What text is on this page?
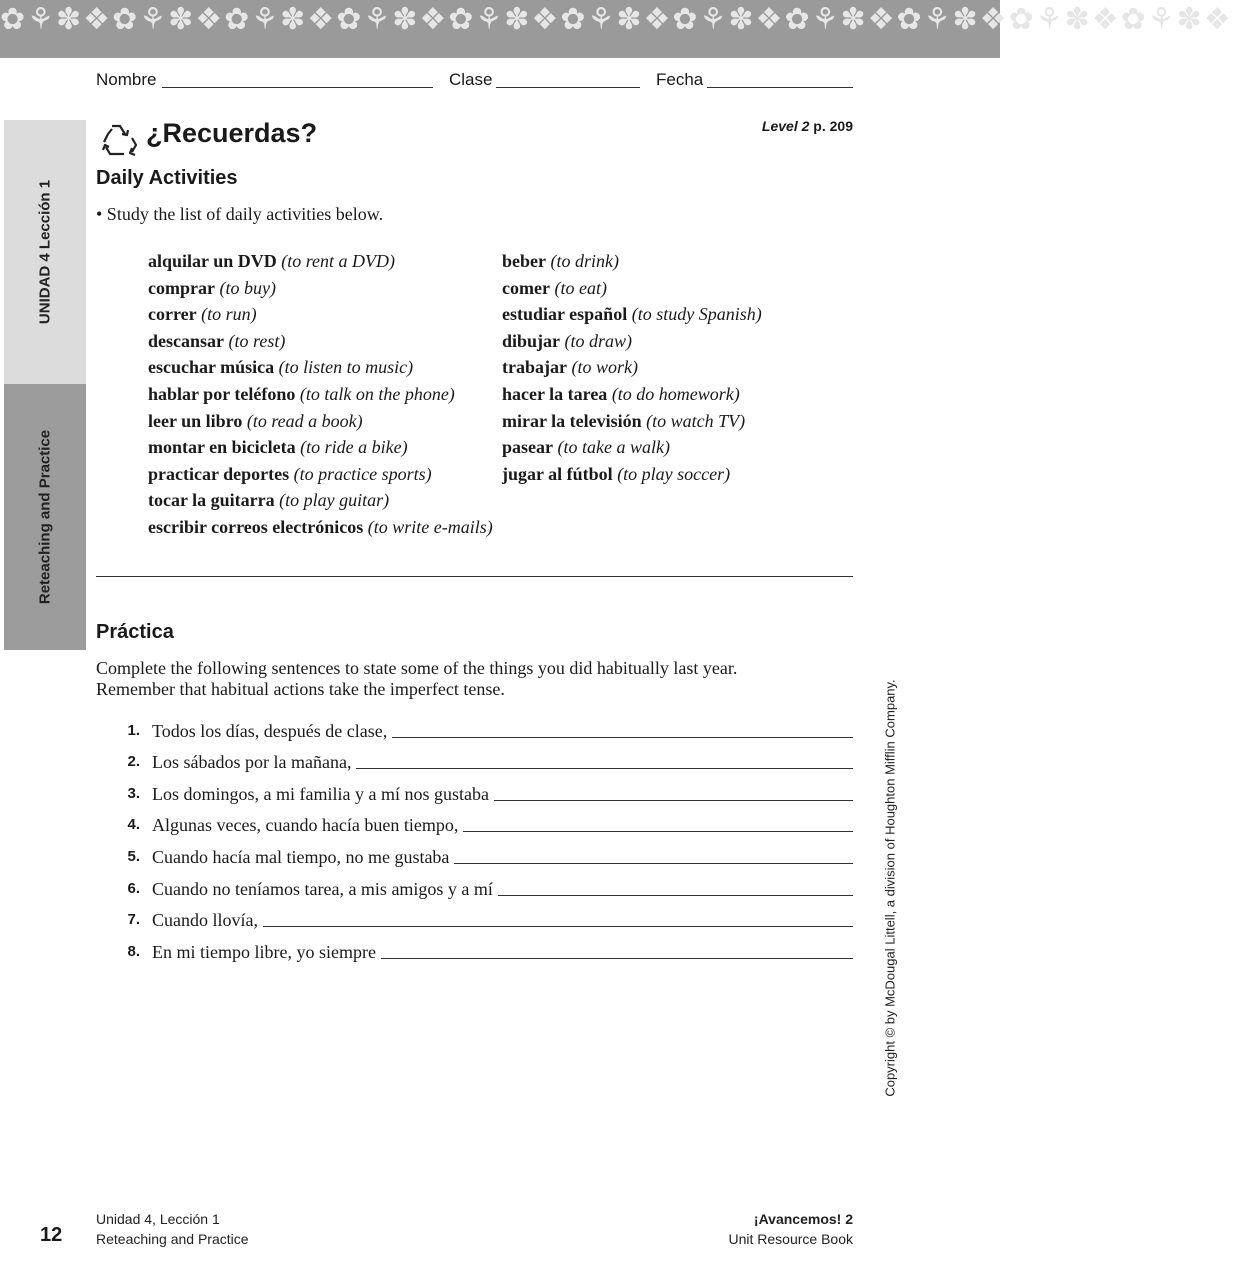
✿⚘✽❖✿⚘✽❖✿⚘✽❖✿⚘✽❖✿⚘✽❖✿⚘✽❖✿⚘✽❖✿⚘✽❖✿⚘✽❖✿⚘✽❖✿⚘✽❖
Nombre	Clase	Fecha
UNIDAD 4 Lección 1
Reteaching and Practice
¿Recuerdas?	Level 2 p. 209
Daily Activities
• Study the list of daily activities below.
alquilar un DVD (to rent a DVD)
comprar (to buy)
correr (to run)
descansar (to rest)
escuchar música (to listen to music)
hablar por teléfono (to talk on the phone)
leer un libro (to read a book)
montar en bicicleta (to ride a bike)
practicar deportes (to practice sports)
tocar la guitarra (to play guitar)
escribir correos electrónicos (to write e-mails)
beber (to drink)
comer (to eat)
estudiar español (to study Spanish)
dibujar (to draw)
trabajar (to work)
hacer la tarea (to do homework)
mirar la televisión (to watch TV)
pasear (to take a walk)
jugar al fútbol (to play soccer)
Práctica
Complete the following sentences to state some of the things you did habitually last year. Remember that habitual actions take the imperfect tense.
1. Todos los días, después de clase,
2. Los sábados por la mañana,
3. Los domingos, a mi familia y a mí nos gustaba
4. Algunas veces, cuando hacía buen tiempo,
5. Cuando hacía mal tiempo, no me gustaba
6. Cuando no teníamos tarea, a mis amigos y a mí
7. Cuando llovía,
8. En mi tiempo libre, yo siempre	Copyright © by McDougal Littell, a division of Houghton Mifflin Company.
12
Unidad 4, Lección 1
Reteaching and Practice
¡Avancemos! 2
Unit Resource Book
